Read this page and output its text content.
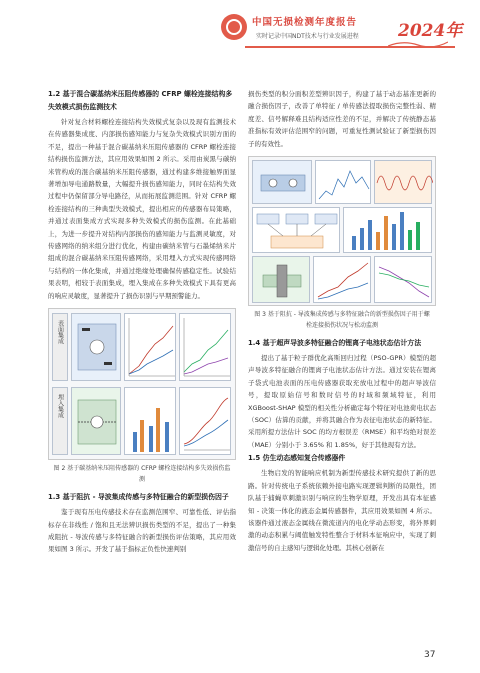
中国无损检测年度报告
实时记录中国NDT技术与行业发展进程 2024年

1.2 基于混合碳基纳米压阻传感器的 CFRP 螺栓连接结构多失效模式损伤监测技术

针对复合材料螺栓连接结构失效模式复杂以及现有监测技术在传感器集成度、内部损伤感知能力与复杂失效模式识别方面的不足，提出一种基于混合碳基纳米压阻传感器的 CFRP 螺栓连接结构损伤监测方法，其应用效果如图 2 所示。采用由炭黑与碳纳米管构成的混合碳基纳米压阻传感器，通过构建多维接触界面显著增加导电通路数量，大幅提升损伤感知能力，同时在结构失效过程中仍保留部分导电路径，从而拓展监测范围。针对 CFRP 螺栓连接结构的三种典型失效模式，提出相应的传感器布局策略，并通过表面集成方式实现多种失效模式的损伤监测。在此基础上，为进一步提升对结构内部损伤的感知能力与监测灵敏度，对传感网络的纳米组分进行优化，构建由碳纳米管与石墨烯纳米片组成的混合碳基纳米压阻传感网络，采用埋入方式实现传感网络与结构的一体化集成，并通过绝缘处理确保传感稳定性。试验结果表明，相较于表面集成，埋入集成在多种失效模式下具有更高的响应灵敏度，显著提升了损伤识别与早期预警能力。

表面集成
埋入集成

图 2 基于碳基纳米压阻传感器的 CFRP 螺栓连接结构多失效损伤监测

1.3 基于阻抗 - 导波集成传感与多特征融合的新型损伤因子

鉴于现有压电传感技术存在监测范围窄、可靠性低、评估指标存在非线性 / 饱和且无法辨识损伤类型的不足，提出了一种集成阻抗 - 导波传感与多特征融合的新型损伤评估策略，其应用效果如图 3 所示。开发了基于指标正负性快速判别

损伤类型的积分面积差型辨识因子，构建了基于动态基准更新的融合损伤因子，改善了单特征 / 单传感法提取损伤完整性弱、精度差、信号解释难且结构适应性差的不足，并解决了传统静态基准指标有效评估范围窄的问题，可重复性测试验证了新型损伤因子的有效性。

图 3 基于阻抗 - 导波集成传感与多特征融合的新型损伤因子用于螺栓连接损伤状况与松动监测

1.4 基于超声导波多特征融合的锂离子电池状态估计方法

提出了基于粒子群优化高斯回归过程（PSO-GPR）模型的超声导波多特征融合的锂离子电池状态估计方法。通过安装在锂离子袋式电池表面的压电传感器获取充放电过程中的超声导波信号，提取原始信号和数时信号的时域和频域特征，利用 XGBoost-SHAP 模型的相关性分析确定每个特征对电池荷电状态（SOC）估算的贡献，并将其融合作为表征电池状态的新特征。采用所提方法估计 SOC 的均方根误差（RMSE）和平均绝对误差（MAE）分别小于 3.65% 和 1.85%，好于其他现有方法。

1.5 仿生动态感知复合传感器件

生物启发的智能响应机制为新型传感技术研究提供了新的思路。针对传统电子系统依赖外接电路实现逻辑判断的局限性，团队基于捕蝇草刺激识别与响应的生物学原理，开发出具有本征感知 - 决策一体化的液态金属传感器件，其应用效果如图 4 所示。该器件通过液态金属线在微流道内的电化学动态形变，将外界刺激的动态积累与阈值触发特性整合于材料本征响应中，实现了刺激信号的自主感知与逻辑化处理。其核心创新在

37
